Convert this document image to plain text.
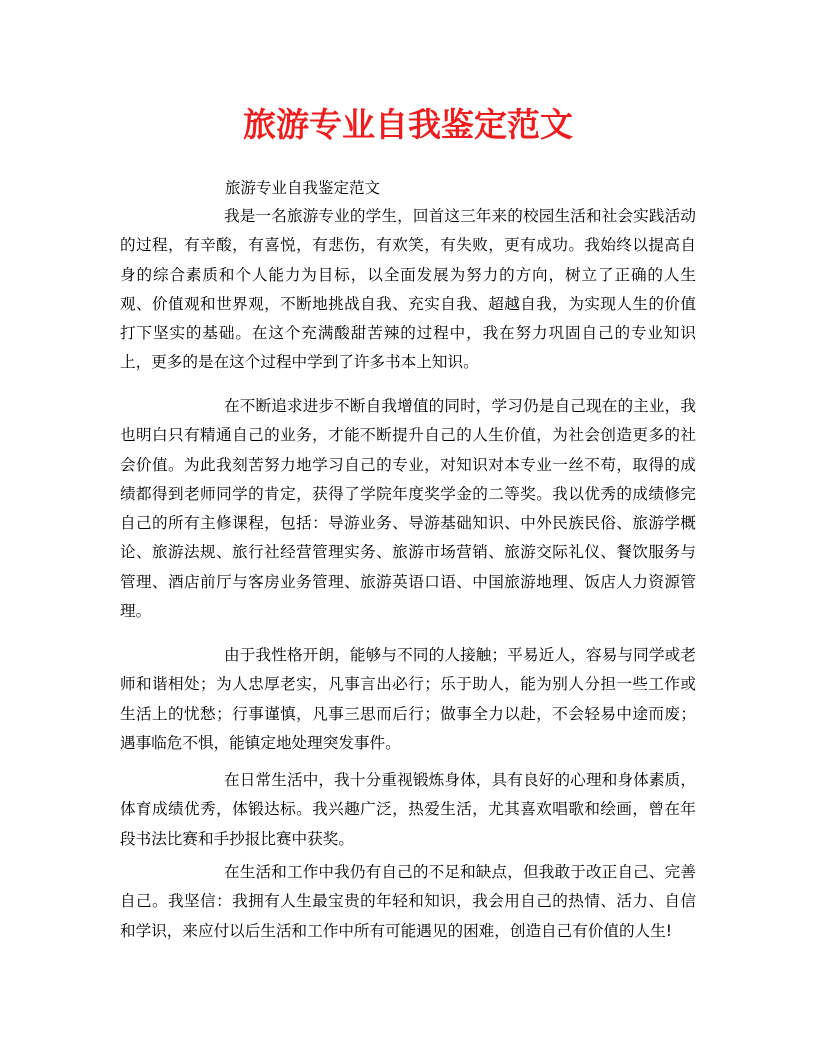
旅游专业自我鉴定范文

旅游专业自我鉴定范文

我是一名旅游专业的学生，回首这三年来的校园生活和社会实践活动的过程，有辛酸，有喜悦，有悲伤，有欢笑，有失败，更有成功。我始终以提高自身的综合素质和个人能力为目标，以全面发展为努力的方向，树立了正确的人生观、价值观和世界观，不断地挑战自我、充实自我、超越自我，为实现人生的价值打下坚实的基础。在这个充满酸甜苦辣的过程中，我在努力巩固自己的专业知识上，更多的是在这个过程中学到了许多书本上知识。

在不断追求进步不断自我增值的同时，学习仍是自己现在的主业，我也明白只有精通自己的业务，才能不断提升自己的人生价值，为社会创造更多的社会价值。为此我刻苦努力地学习自己的专业，对知识对本专业一丝不苟，取得的成绩都得到老师同学的肯定，获得了学院年度奖学金的二等奖。我以优秀的成绩修完自己的所有主修课程，包括：导游业务、导游基础知识、中外民族民俗、旅游学概论、旅游法规、旅行社经营管理实务、旅游市场营销、旅游交际礼仪、餐饮服务与管理、酒店前厅与客房业务管理、旅游英语口语、中国旅游地理、饭店人力资源管理。

由于我性格开朗，能够与不同的人接触；平易近人，容易与同学或老师和谐相处；为人忠厚老实，凡事言出必行；乐于助人，能为别人分担一些工作或生活上的忧愁；行事谨慎，凡事三思而后行；做事全力以赴，不会轻易中途而废；遇事临危不惧，能镇定地处理突发事件。

在日常生活中，我十分重视锻炼身体，具有良好的心理和身体素质，体育成绩优秀，体锻达标。我兴趣广泛，热爱生活，尤其喜欢唱歌和绘画，曾在年段书法比赛和手抄报比赛中获奖。

在生活和工作中我仍有自己的不足和缺点，但我敢于改正自己、完善自己。我坚信：我拥有人生最宝贵的年轻和知识，我会用自己的热情、活力、自信和学识，来应付以后生活和工作中所有可能遇见的困难，创造自己有价值的人生!
